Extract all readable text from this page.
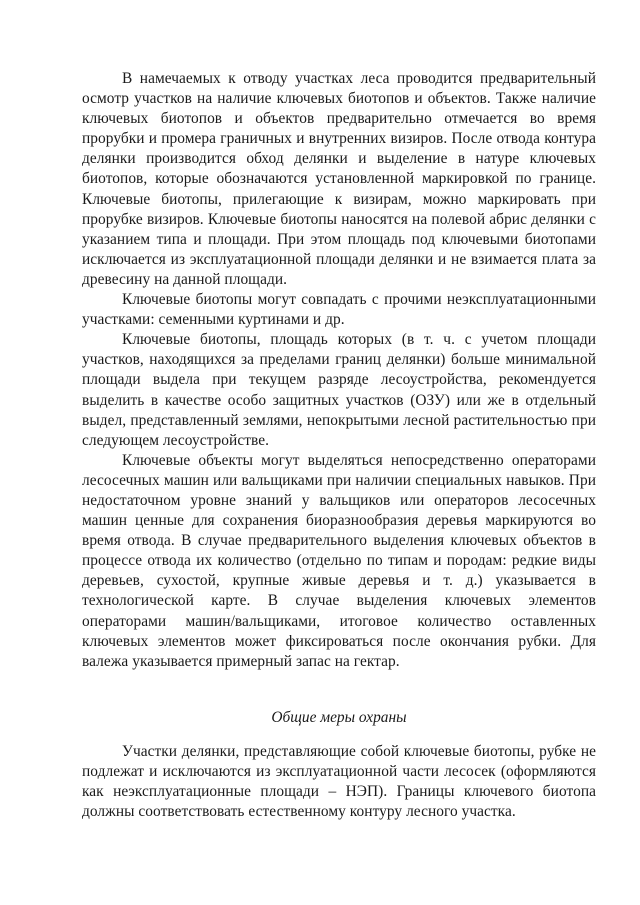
В намечаемых к отводу участках леса проводится предварительный осмотр участков на наличие ключевых биотопов и объектов. Также наличие ключевых биотопов и объектов предварительно отмечается во время прорубки и промера граничных и внутренних визиров. После отвода контура делянки производится обход делянки и выделение в натуре ключевых биотопов, которые обозначаются установленной маркировкой по границе. Ключевые биотопы, прилегающие к визирам, можно маркировать при прорубке визиров. Ключевые биотопы наносятся на полевой абрис делянки с указанием типа и площади. При этом площадь под ключевыми биотопами исключается из эксплуатационной площади делянки и не взимается плата за древесину на данной площади.

Ключевые биотопы могут совпадать с прочими неэксплуатационными участками: семенными куртинами и др.

Ключевые биотопы, площадь которых (в т. ч. с учетом площади участков, находящихся за пределами границ делянки) больше минимальной площади выдела при текущем разряде лесоустройства, рекомендуется выделить в качестве особо защитных участков (ОЗУ) или же в отдельный выдел, представленный землями, непокрытыми лесной растительностью при следующем лесоустройстве.

Ключевые объекты могут выделяться непосредственно операторами лесосечных машин или вальщиками при наличии специальных навыков. При недостаточном уровне знаний у вальщиков или операторов лесосечных машин ценные для сохранения биоразнообразия деревья маркируются во время отвода. В случае предварительного выделения ключевых объектов в процессе отвода их количество (отдельно по типам и породам: редкие виды деревьев, сухостой, крупные живые деревья и т. д.) указывается в технологической карте. В случае выделения ключевых элементов операторами машин/вальщиками, итоговое количество оставленных ключевых элементов может фиксироваться после окончания рубки. Для валежа указывается примерный запас на гектар.

Общие меры охраны

Участки делянки, представляющие собой ключевые биотопы, рубке не подлежат и исключаются из эксплуатационной части лесосек (оформляются как неэксплуатационные площади – НЭП). Границы ключевого биотопа должны соответствовать естественному контуру лесного участка.
